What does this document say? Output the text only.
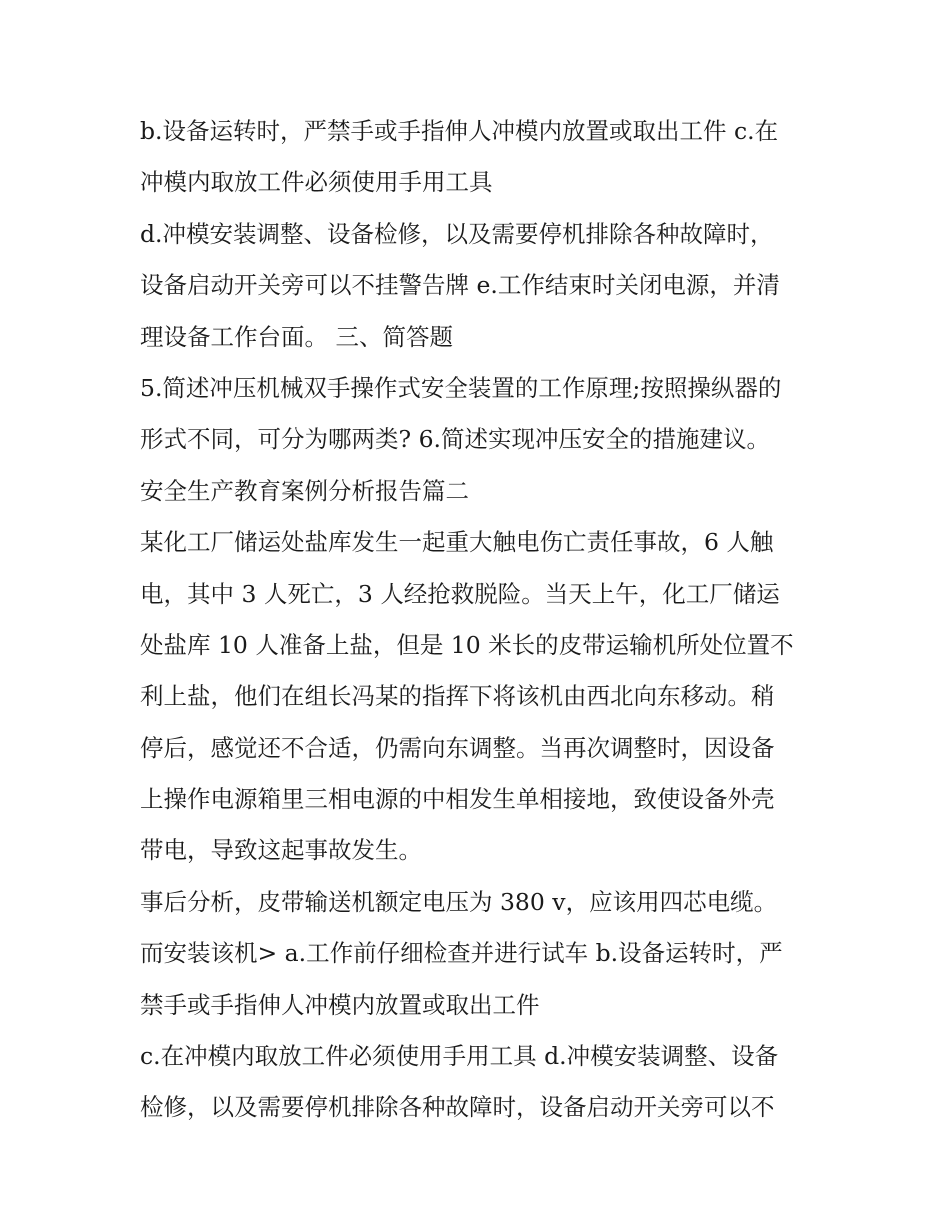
b.设备运转时，严禁手或手指伸人冲模内放置或取出工件 c.在
冲模内取放工件必须使用手用工具
d.冲模安装调整、设备检修，以及需要停机排除各种故障时，
设备启动开关旁可以不挂警告牌 e.工作结束时关闭电源，并清
理设备工作台面。 三、简答题
5.简述冲压机械双手操作式安全装置的工作原理;按照操纵器的
形式不同，可分为哪两类? 6.简述实现冲压安全的措施建议。
安全生产教育案例分析报告篇二
某化工厂储运处盐库发生一起重大触电伤亡责任事故，6 人触
电，其中 3 人死亡，3 人经抢救脱险。当天上午，化工厂储运
处盐库 10 人准备上盐，但是 10 米长的皮带运输机所处位置不
利上盐，他们在组长冯某的指挥下将该机由西北向东移动。稍
停后，感觉还不合适，仍需向东调整。当再次调整时，因设备
上操作电源箱里三相电源的中相发生单相接地，致使设备外壳
带电，导致这起事故发生。
事后分析，皮带输送机额定电压为 380 v，应该用四芯电缆。
而安装该机> a.工作前仔细检查并进行试车 b.设备运转时，严
禁手或手指伸人冲模内放置或取出工件
c.在冲模内取放工件必须使用手用工具 d.冲模安装调整、设备
检修，以及需要停机排除各种故障时，设备启动开关旁可以不
